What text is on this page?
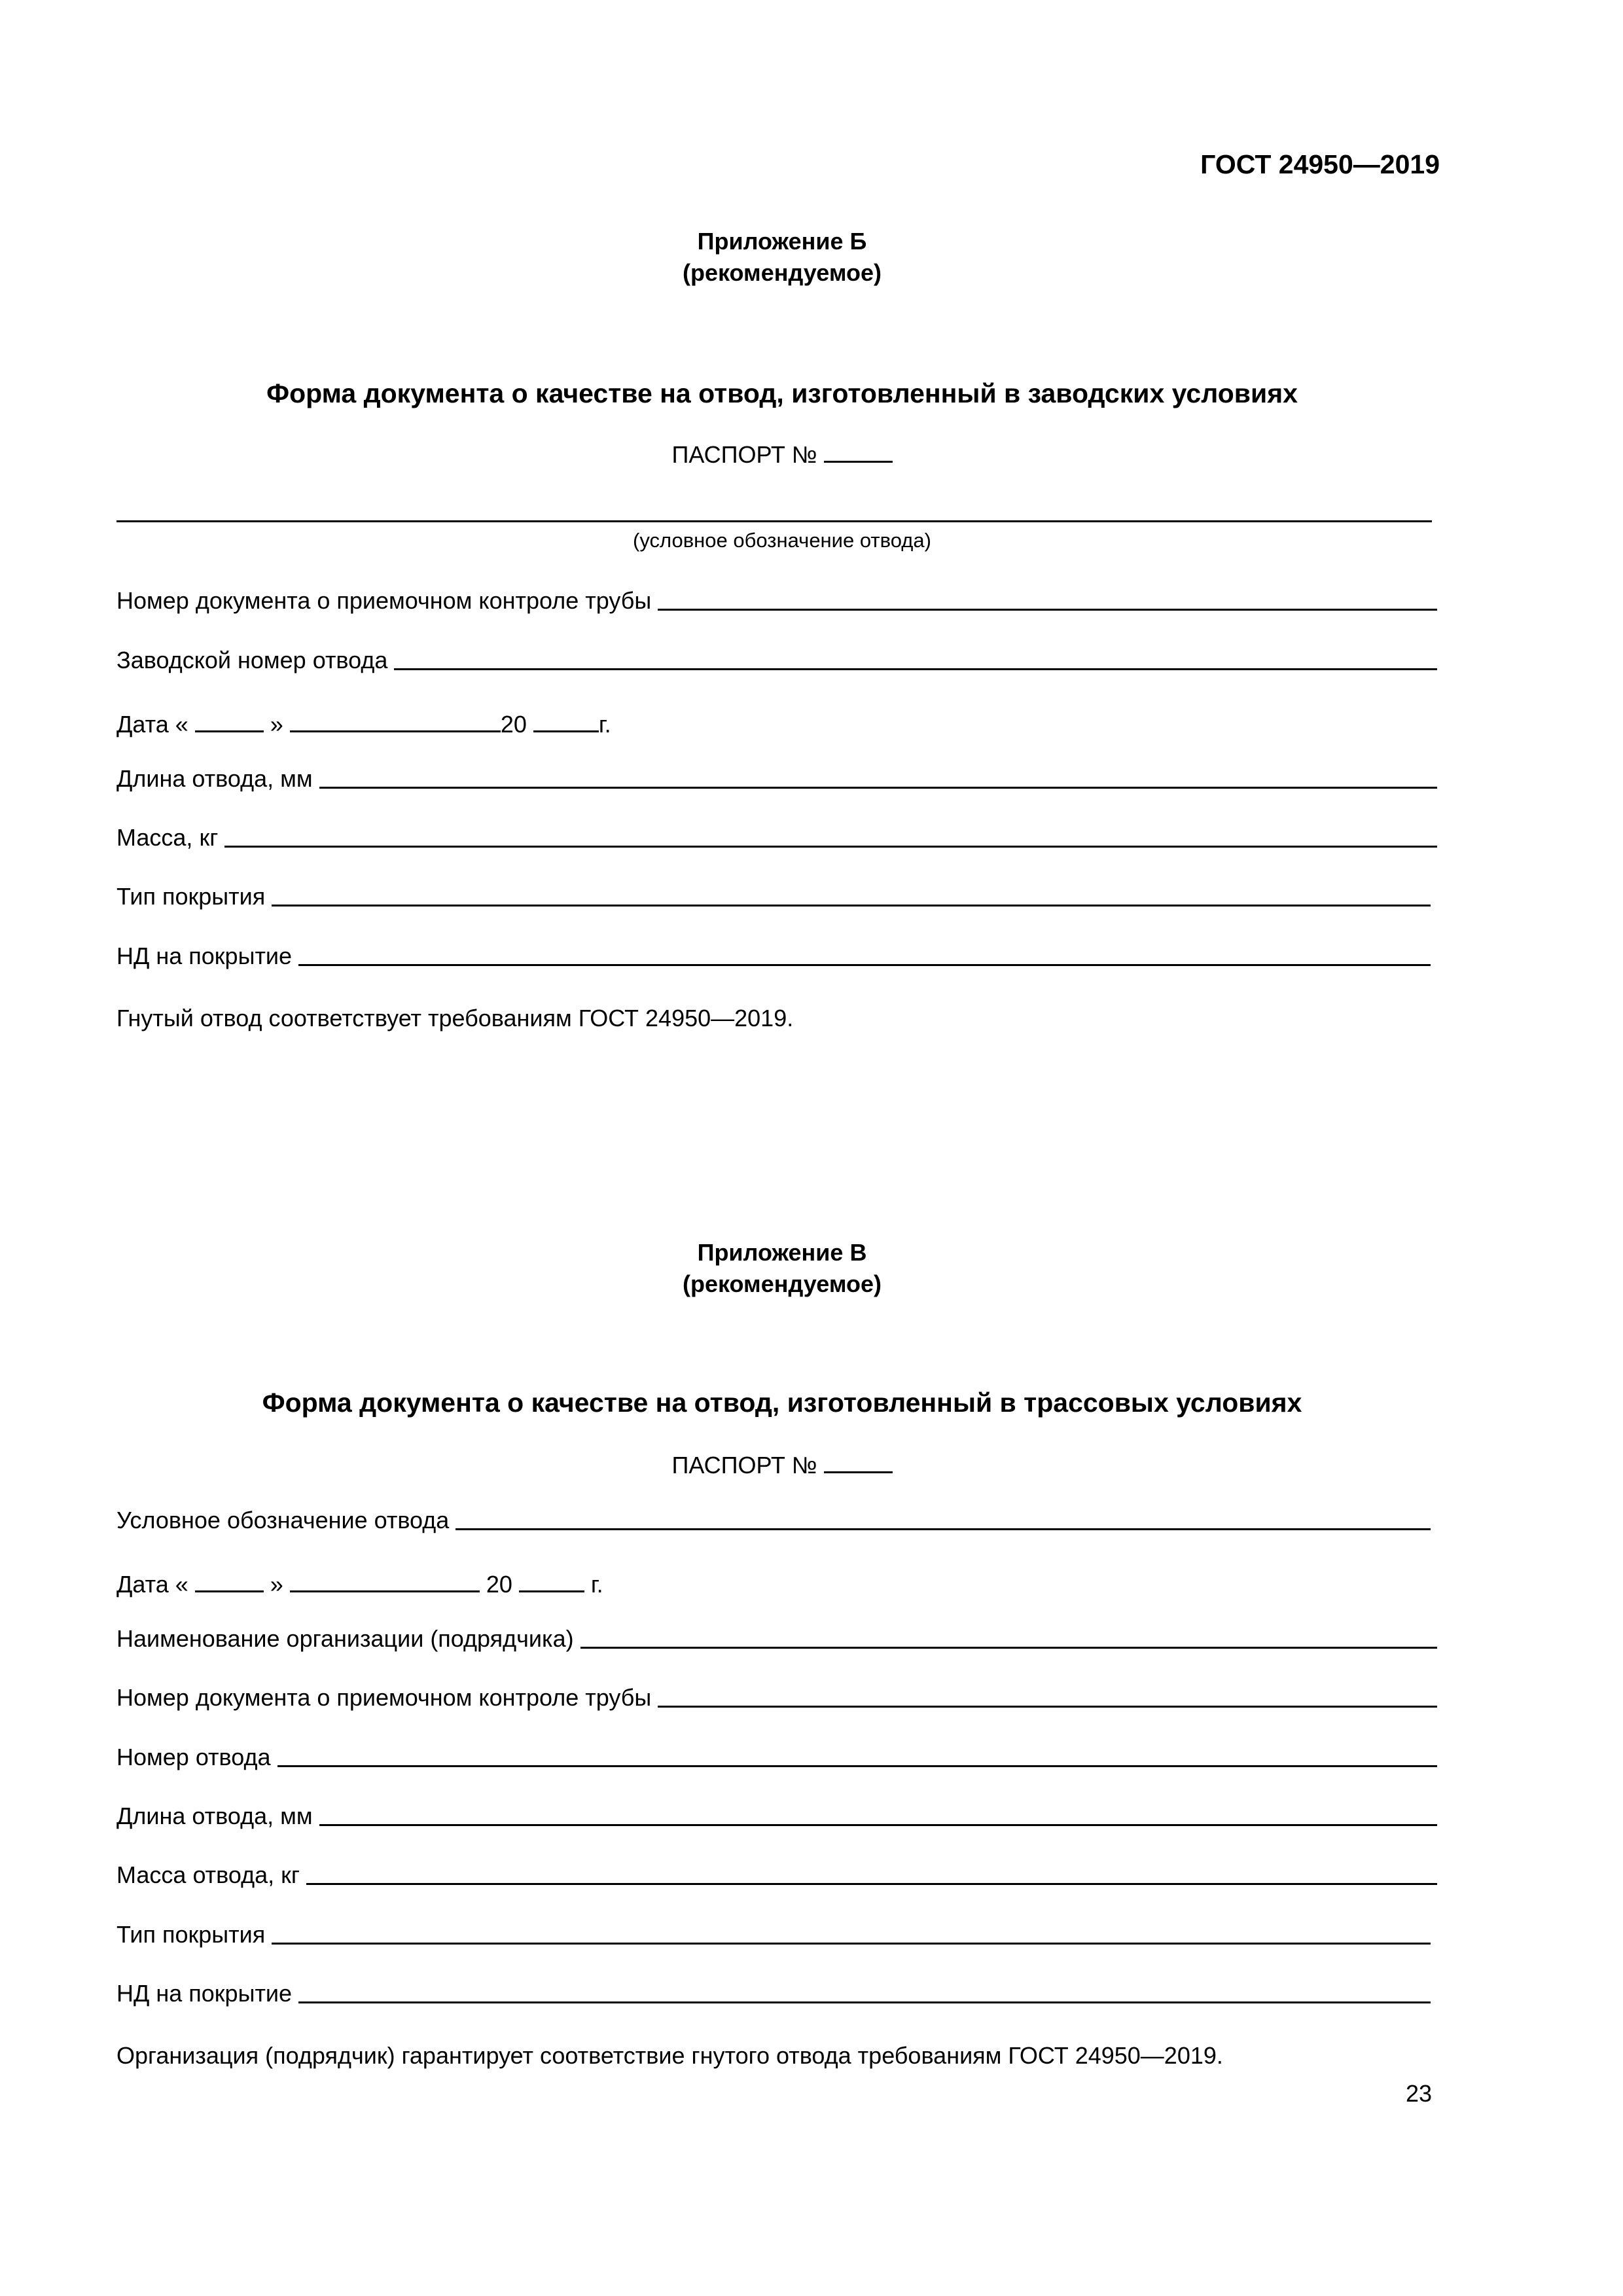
ГОСТ 24950—2019
Приложение Б
(рекомендуемое)
Форма документа о качестве на отвод, изготовленный в заводских условиях
ПАСПОРТ №
(условное обозначение отвода)
Номер документа о приемочном контроле трубы
Заводской номер отвода
Дата «	»	20	г.
Длина отвода, мм
Масса, кг
Тип покрытия
НД на покрытие
Гнутый отвод соответствует требованиям ГОСТ 24950—2019.
Приложение В
(рекомендуемое)
Форма документа о качестве на отвод, изготовленный в трассовых условиях
ПАСПОРТ №
Условное обозначение отвода
Дата «	»	20	г.
Наименование организации (подрядчика)
Номер документа о приемочном контроле трубы
Номер отвода
Длина отвода, мм
Масса отвода, кг
Тип покрытия
НД на покрытие
Организация (подрядчик) гарантирует соответствие гнутого отвода требованиям ГОСТ 24950—2019.
23
